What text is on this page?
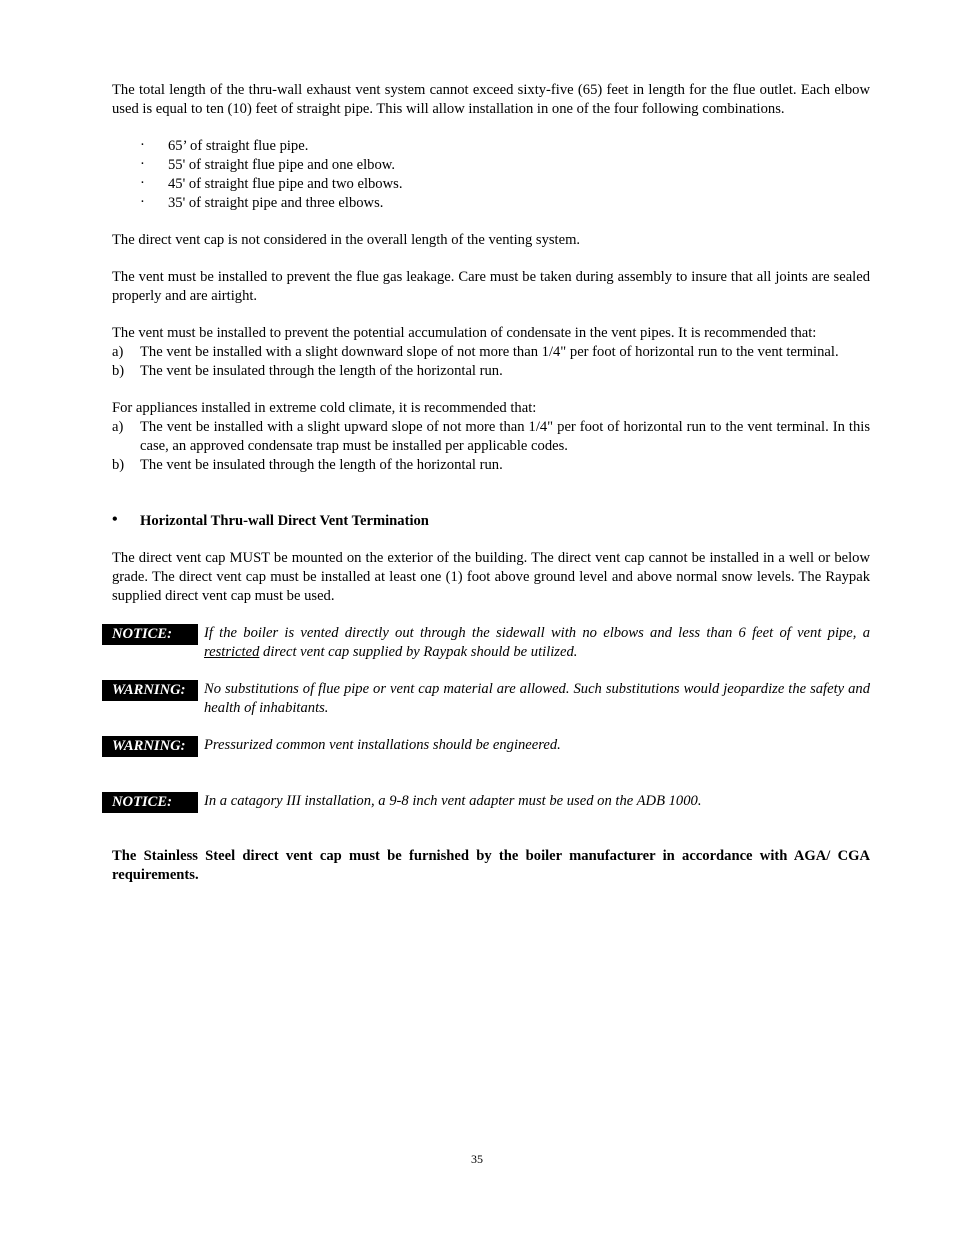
The total length of the thru-wall exhaust vent system cannot exceed sixty-five (65) feet in length for the flue outlet. Each elbow used is equal to ten (10) feet of straight pipe. This will allow installation in one of the four following combinations.

· 65’ of straight flue pipe.
· 55' of straight flue pipe and one elbow.
· 45' of straight flue pipe and two elbows.
· 35' of straight pipe and three elbows.

The direct vent cap is not considered in the overall length of the venting system.

The vent must be installed to prevent the flue gas leakage. Care must be taken during assembly to insure that all joints are sealed properly and are airtight.

The vent must be installed to prevent the potential accumulation of condensate in the vent pipes. It is recommended that:

a) The vent be installed with a slight downward slope of not more than 1/4" per foot of horizontal run to the vent terminal.
b) The vent be insulated through the length of the horizontal run.

For appliances installed in extreme cold climate, it is recommended that:

a) The vent be installed with a slight upward slope of not more than 1/4" per foot of horizontal run to the vent terminal. In this case, an approved condensate trap must be installed per applicable codes.
b) The vent be insulated through the length of the horizontal run.
• Horizontal Thru-wall Direct Vent Termination

The direct vent cap MUST be mounted on the exterior of the building. The direct vent cap cannot be installed in a well or below grade. The direct vent cap must be installed at least one (1) foot above ground level and above normal snow levels. The Raypak supplied direct vent cap must be used.

NOTICE:	If the boiler is vented directly out through the sidewall with no elbows and less than 6 feet of vent pipe, a restricted direct vent cap supplied by Raypak should be utilized.
WARNING:	No substitutions of flue pipe or vent cap material are allowed. Such substitutions would jeopardize the safety and health of inhabitants.
WARNING:	Pressurized common vent installations should be engineered.
NOTICE:	In a catagory III installation, a 9-8 inch vent adapter must be used on the ADB 1000.

The Stainless Steel direct vent cap must be furnished by the boiler manufacturer in accordance with AGA/ CGA requirements.

35
